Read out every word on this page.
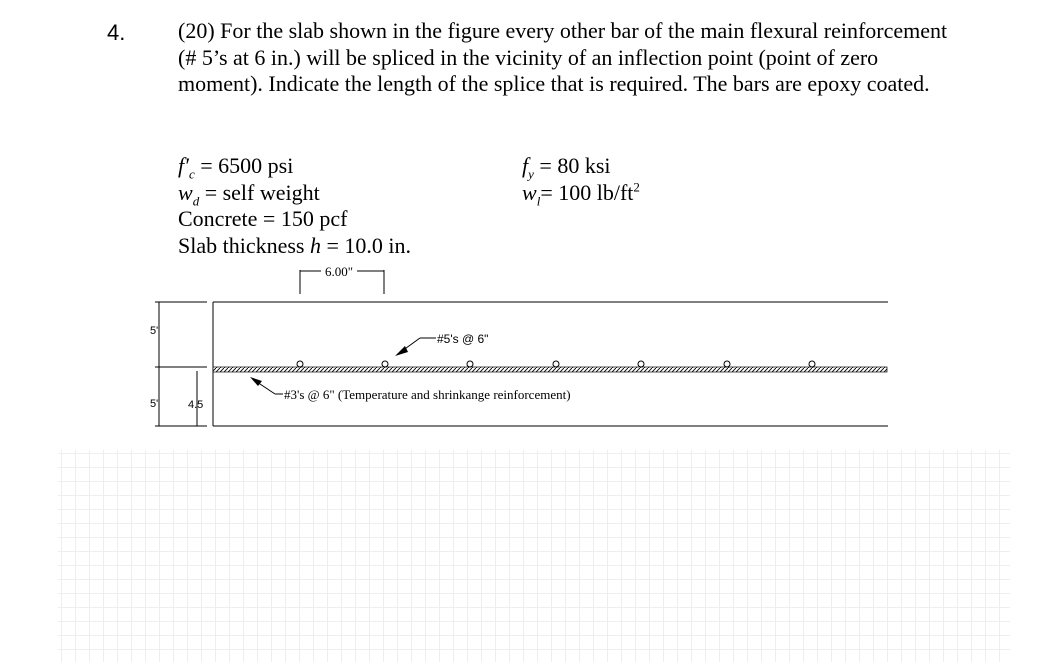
4. (20) For the slab shown in the figure every other bar of the main flexural reinforcement (# 5’s at 6 in.) will be spliced in the vicinity of an inflection point (point of zero moment). Indicate the length of the splice that is required. The bars are epoxy coated.
$f'_c = 6500$ psi
$w_d$ = self weight
Concrete = 150 pcf
Slab thickness h = 10.0 in.
$f_y = 80$ ksi
$w_l= 100$ $lb/ft^2$
6.00"
#5's @ 6"
#3's @ 6" (Temperature and shrinkange reinforcement)
5"
5"	4.5
